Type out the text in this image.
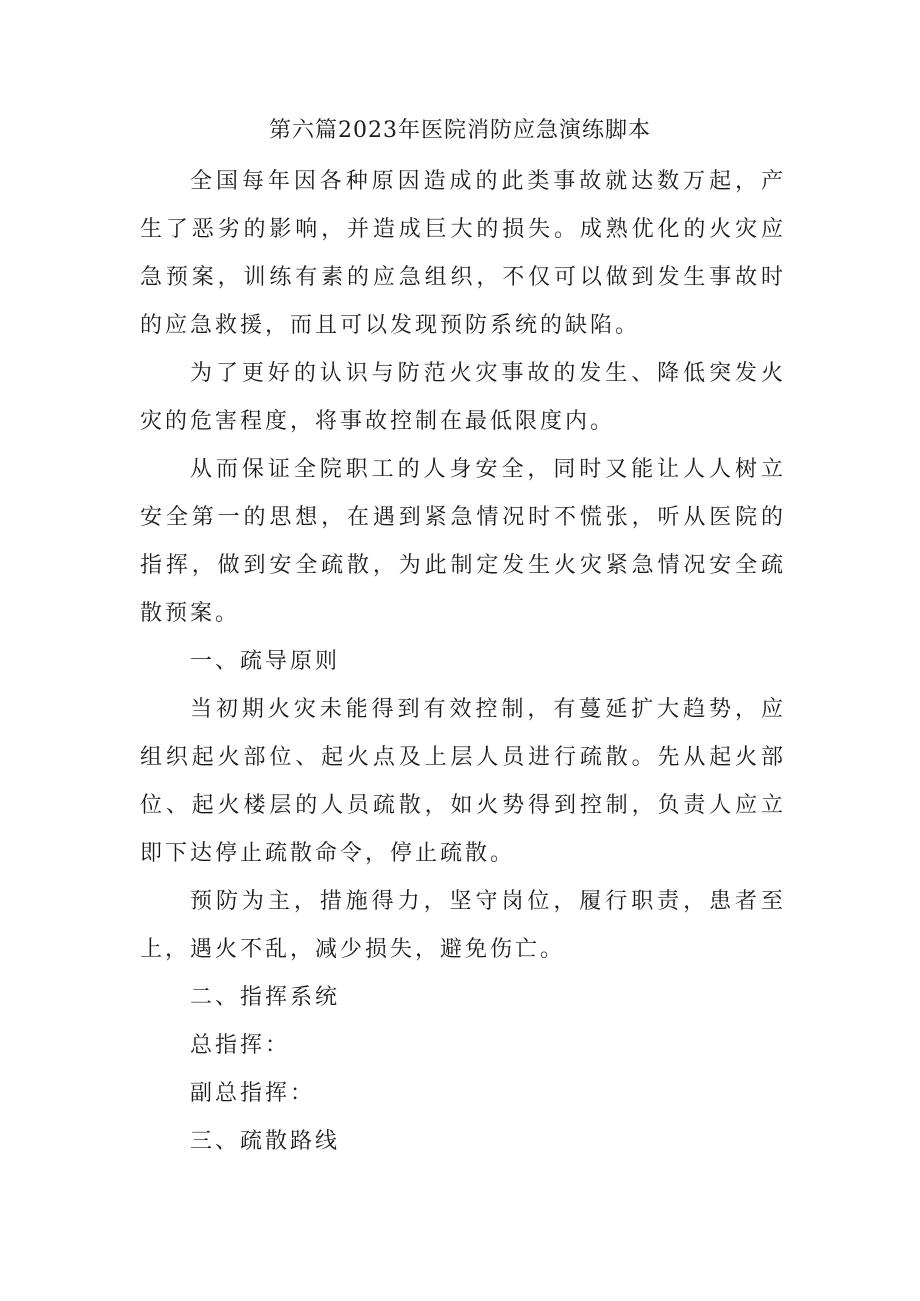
第六篇2023年医院消防应急演练脚本

全国每年因各种原因造成的此类事故就达数万起，产生了恶劣的影响，并造成巨大的损失。成熟优化的火灾应急预案，训练有素的应急组织，不仅可以做到发生事故时的应急救援，而且可以发现预防系统的缺陷。

为了更好的认识与防范火灾事故的发生、降低突发火灾的危害程度，将事故控制在最低限度内。

从而保证全院职工的人身安全，同时又能让人人树立安全第一的思想，在遇到紧急情况时不慌张，听从医院的指挥，做到安全疏散，为此制定发生火灾紧急情况安全疏散预案。

一、疏导原则

当初期火灾未能得到有效控制，有蔓延扩大趋势，应组织起火部位、起火点及上层人员进行疏散。先从起火部位、起火楼层的人员疏散，如火势得到控制，负责人应立即下达停止疏散命令，停止疏散。

预防为主，措施得力，坚守岗位，履行职责，患者至上，遇火不乱，减少损失，避免伤亡。

二、指挥系统

总指挥：

副总指挥：

三、疏散路线
